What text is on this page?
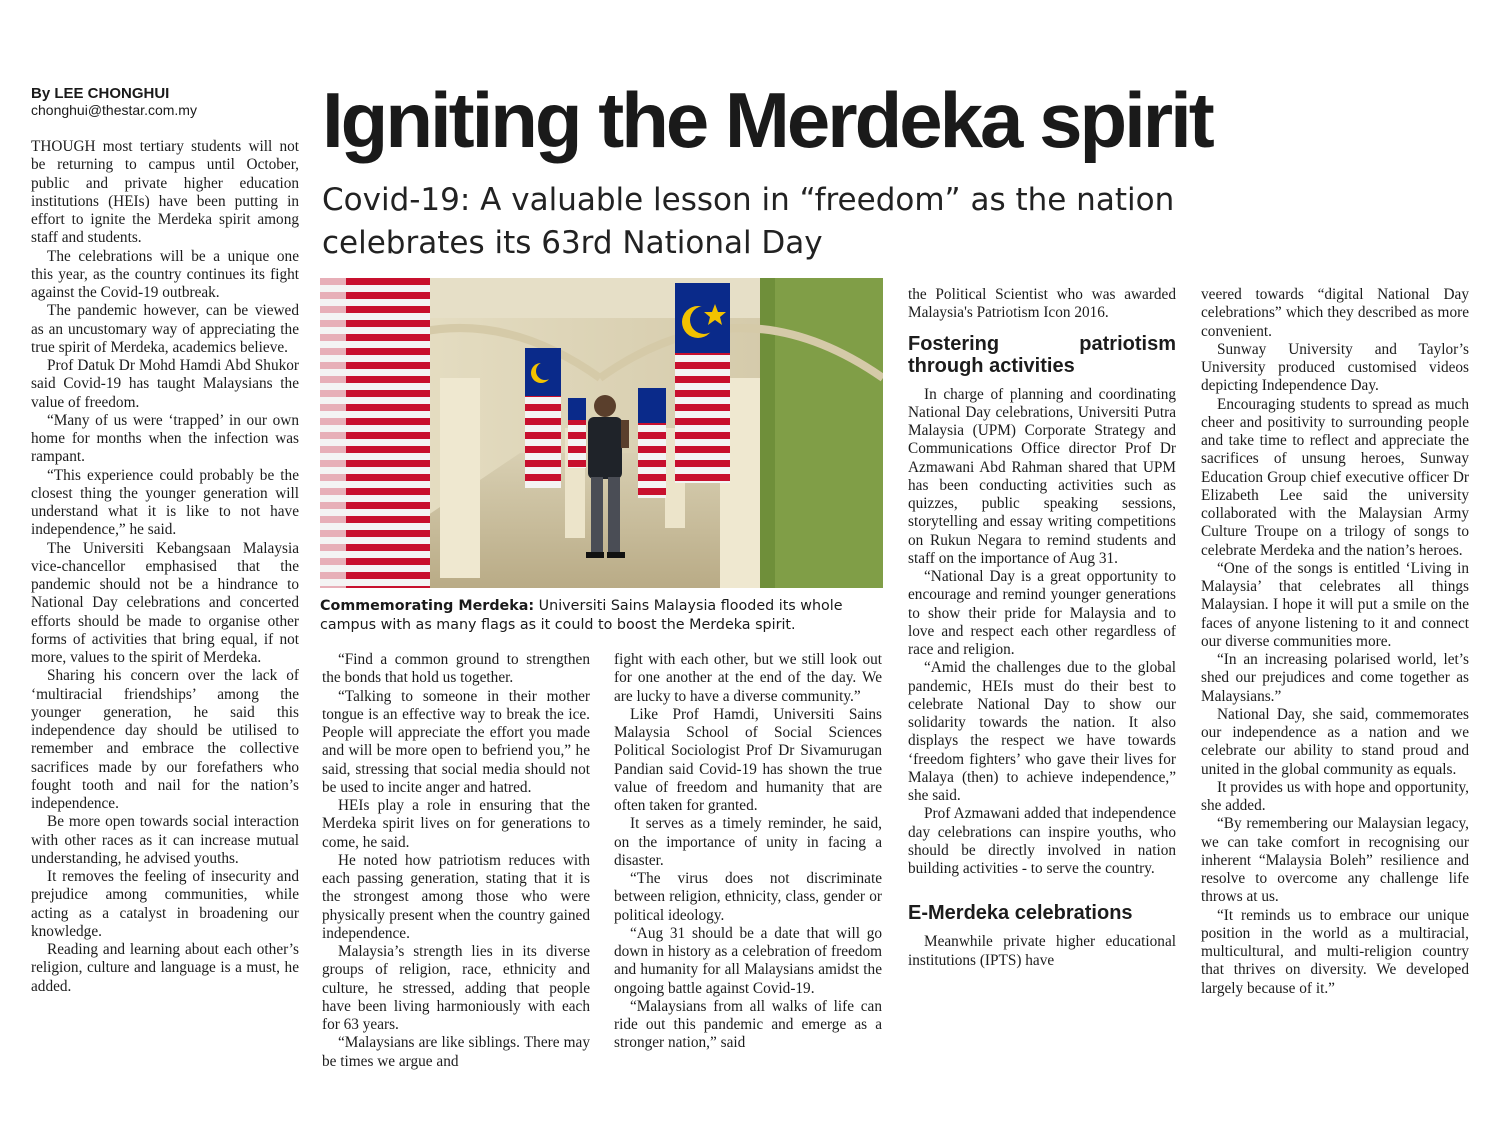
By LEE CHONGHUI
chonghui@thestar.com.my Igniting the Merdeka spirit
Covid-19: A valuable lesson in “freedom” as the nation celebrates its 63rd National Day
Commemorating Merdeka: Universiti Sains Malaysia flooded its whole campus with as many flags as it could to boost the Merdeka spirit.

THOUGH most tertiary students will not be returning to campus until October, public and private higher education institutions (HEIs) have been putting in effort to ignite the Merdeka spirit among staff and students.

The celebrations will be a unique one this year, as the country continues its fight against the Covid-19 outbreak.

The pandemic however, can be viewed as an uncustomary way of appreciating the true spirit of Merdeka, academics believe.

Prof Datuk Dr Mohd Hamdi Abd Shukor said Covid-19 has taught Malaysians the value of freedom.

“Many of us were ‘trapped’ in our own home for months when the infection was rampant.

“This experience could probably be the closest thing the younger generation will understand what it is like to not have independence,” he said.

The Universiti Kebangsaan Malaysia vice-chancellor emphasised that the pandemic should not be a hindrance to National Day celebrations and concerted efforts should be made to organise other forms of activities that bring equal, if not more, values to the spirit of Merdeka.

Sharing his concern over the lack of ‘multiracial friendships’ among the younger generation, he said this independence day should be utilised to remember and embrace the collective sacrifices made by our forefathers who fought tooth and nail for the nation’s independence.

Be more open towards social interaction with other races as it can increase mutual understanding, he advised youths.

It removes the feeling of insecurity and prejudice among communities, while acting as a catalyst in broadening our knowledge.

Reading and learning about each other’s religion, culture and language is a must, he added.

“Find a common ground to strengthen the bonds that hold us together.

“Talking to someone in their mother tongue is an effective way to break the ice. People will appreciate the effort you made and will be more open to befriend you,” he said, stressing that social media should not be used to incite anger and hatred.

HEIs play a role in ensuring that the Merdeka spirit lives on for generations to come, he said.

He noted how patriotism reduces with each passing generation, stating that it is the strongest among those who were physically present when the country gained independence.

Malaysia’s strength lies in its diverse groups of religion, race, ethnicity and culture, he stressed, adding that people have been living harmoniously with each for 63 years.

“Malaysians are like siblings. There may be times we argue and

fight with each other, but we still look out for one another at the end of the day. We are lucky to have a diverse community.”

Like Prof Hamdi, Universiti Sains Malaysia School of Social Sciences Political Sociologist Prof Dr Sivamurugan Pandian said Covid-19 has shown the true value of freedom and humanity that are often taken for granted.

It serves as a timely reminder, he said, on the importance of unity in facing a disaster.

“The virus does not discriminate between religion, ethnicity, class, gender or political ideology.

“Aug 31 should be a date that will go down in history as a celebration of freedom and humanity for all Malaysians amidst the ongoing battle against Covid-19.

“Malaysians from all walks of life can ride out this pandemic and emerge as a stronger nation,” said

the Political Scientist who was awarded Malaysia's Patriotism Icon 2016.

Fostering patriotism through activities

In charge of planning and coordinating National Day celebrations, Universiti Putra Malaysia (UPM) Corporate Strategy and Communications Office director Prof Dr Azmawani Abd Rahman shared that UPM has been conducting activities such as quizzes, public speaking sessions, storytelling and essay writing competitions on Rukun Negara to remind students and staff on the importance of Aug 31.

“National Day is a great opportunity to encourage and remind younger generations to show their pride for Malaysia and to love and respect each other regardless of race and religion.

“Amid the challenges due to the global pandemic, HEIs must do their best to celebrate National Day to show our solidarity towards the nation. It also displays the respect we have towards ‘freedom fighters’ who gave their lives for Malaya (then) to achieve independence,” she said.

Prof Azmawani added that independence day celebrations can inspire youths, who should be directly involved in nation building activities - to serve the country.

E-Merdeka celebrations

Meanwhile private higher educational institutions (IPTS) have

veered towards “digital National Day celebrations” which they described as more convenient.

Sunway University and Taylor’s University produced customised videos depicting Independence Day.

Encouraging students to spread as much cheer and positivity to surrounding people and take time to reflect and appreciate the sacrifices of unsung heroes, Sunway Education Group chief executive officer Dr Elizabeth Lee said the university collaborated with the Malaysian Army Culture Troupe on a trilogy of songs to celebrate Merdeka and the nation’s heroes.

“One of the songs is entitled ‘Living in Malaysia’ that celebrates all things Malaysian. I hope it will put a smile on the faces of anyone listening to it and connect our diverse communities more.

“In an increasing polarised world, let’s shed our prejudices and come together as Malaysians.”

National Day, she said, commemorates our independence as a nation and we celebrate our ability to stand proud and united in the global community as equals.

It provides us with hope and opportunity, she added.

“By remembering our Malaysian legacy, we can take comfort in recognising our inherent “Malaysia Boleh” resilience and resolve to overcome any challenge life throws at us.

“It reminds us to embrace our unique position in the world as a multiracial, multicultural, and multi-religion country that thrives on diversity. We developed largely because of it.”
